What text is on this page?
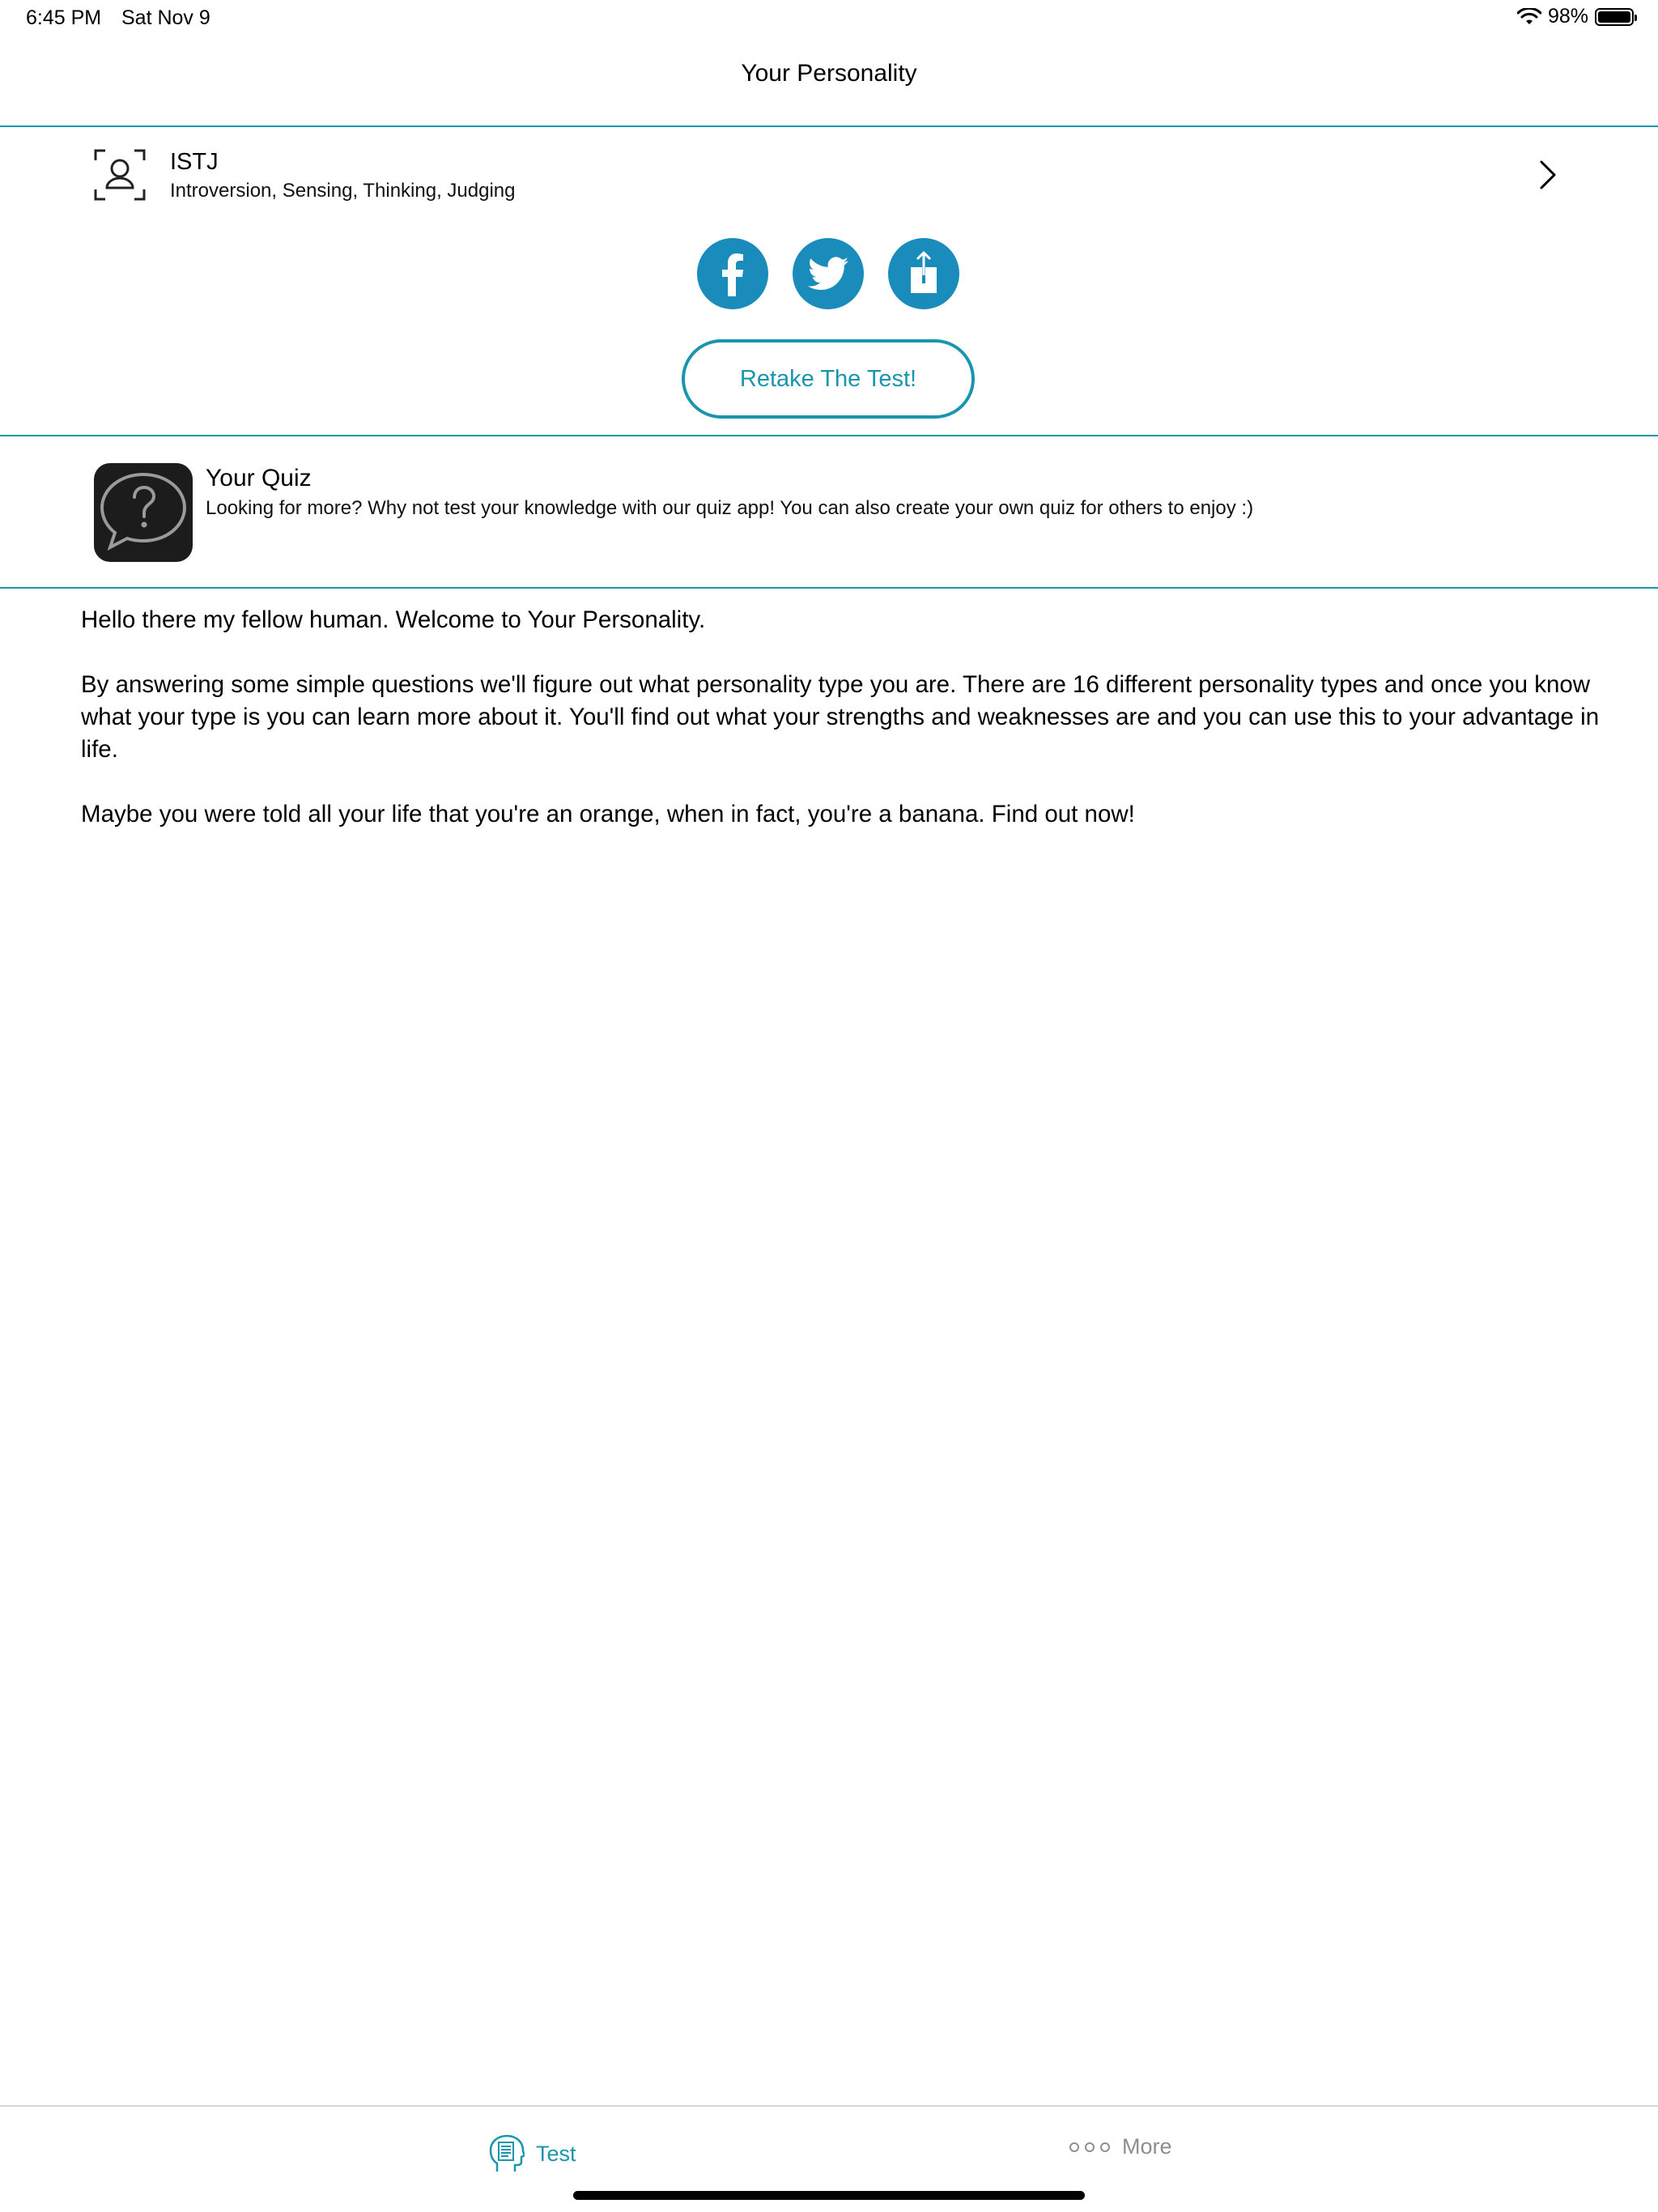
6:45 PM Sat Nov 9	98%
Your Personality
ISTJ
Introversion, Sensing, Thinking, Judging
Retake The Test!
Your Quiz
Looking for more? Why not test your knowledge with our quiz app! You can also create your own quiz for others to enjoy :)

Hello there my fellow human. Welcome to Your Personality.

By answering some simple questions we'll figure out what personality type you are. There are 16 different personality types and once you know what your type is you can learn more about it. You'll find out what your strengths and weaknesses are and you can use this to your advantage in life.

Maybe you were told all your life that you're an orange, when in fact, you're a banana. Find out now!

Test	More
